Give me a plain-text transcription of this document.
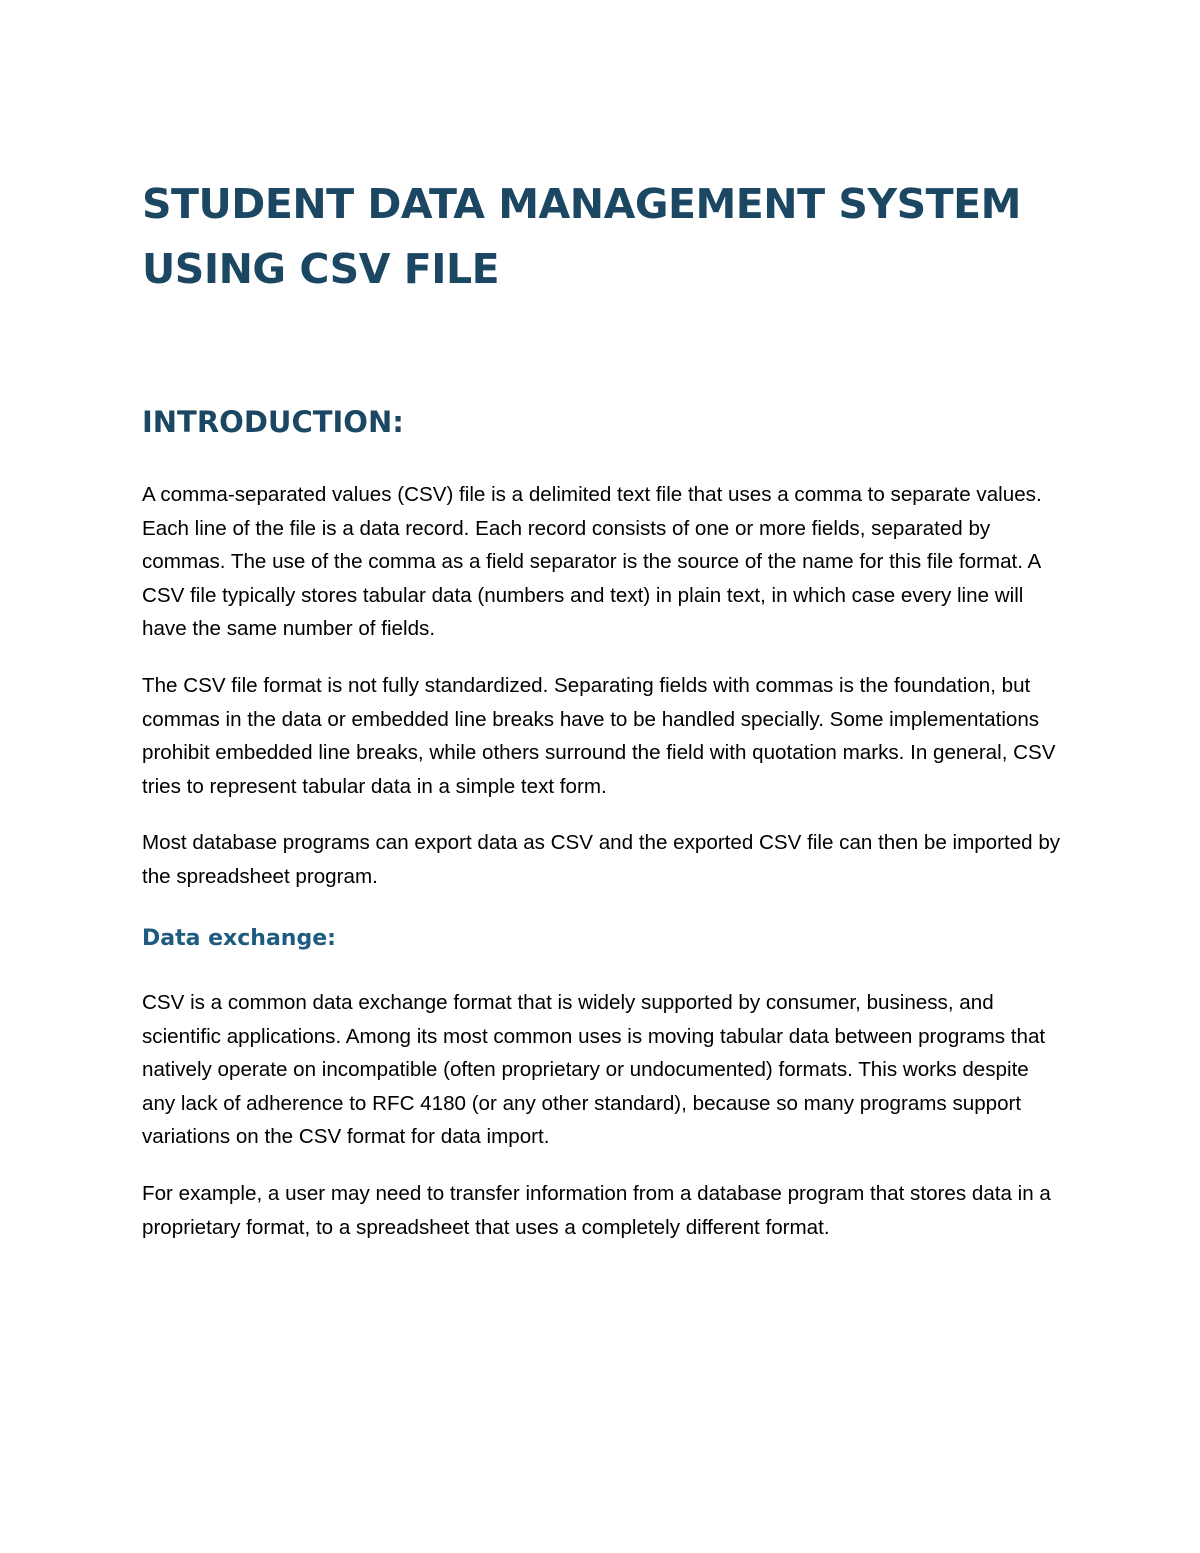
STUDENT DATA MANAGEMENT SYSTEM USING CSV FILE
INTRODUCTION:

A comma-separated values (CSV) file is a delimited text file that uses a comma to separate values. Each line of the file is a data record. Each record consists of one or more fields, separated by commas. The use of the comma as a field separator is the source of the name for this file format. A CSV file typically stores tabular data (numbers and text) in plain text, in which case every line will have the same number of fields.

The CSV file format is not fully standardized. Separating fields with commas is the foundation, but commas in the data or embedded line breaks have to be handled specially. Some implementations prohibit embedded line breaks, while others surround the field with quotation marks. In general, CSV tries to represent tabular data in a simple text form.

Most database programs can export data as CSV and the exported CSV file can then be imported by the spreadsheet program.

Data exchange:

CSV is a common data exchange format that is widely supported by consumer, business, and scientific applications. Among its most common uses is moving tabular data between programs that natively operate on incompatible (often proprietary or undocumented) formats. This works despite any lack of adherence to RFC 4180 (or any other standard), because so many programs support variations on the CSV format for data import.

For example, a user may need to transfer information from a database program that stores data in a proprietary format, to a spreadsheet that uses a completely different format.
